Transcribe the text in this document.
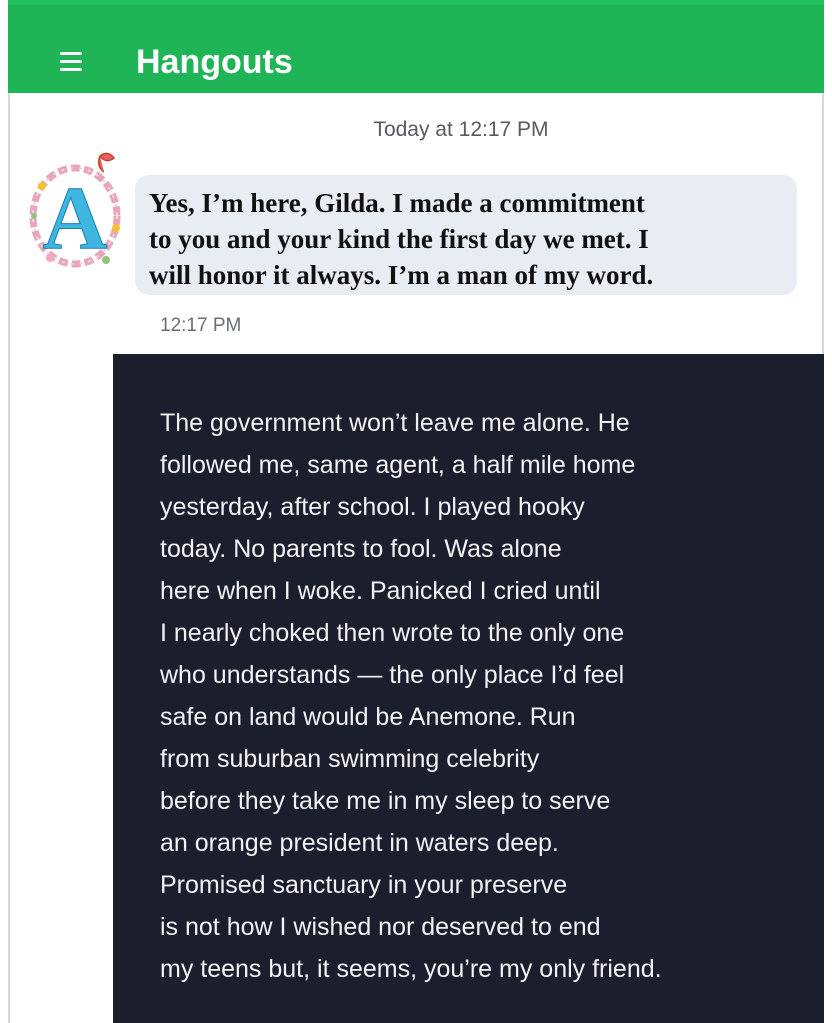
Hangouts
Today at 12:17 PM
A Yes, I’m here, Gilda. I made a commitment
to you and your kind the first day we met. I
will honor it always. I’m a man of my word.
12:17 PM
The government won’t leave me alone. He
followed me, same agent, a half mile home
yesterday, after school. I played hooky
today. No parents to fool. Was alone
here when I woke. Panicked I cried until
I nearly choked then wrote to the only one
who understands — the only place I’d feel
safe on land would be Anemone. Run
from suburban swimming celebrity
before they take me in my sleep to serve
an orange president in waters deep.
Promised sanctuary in your preserve
is not how I wished nor deserved to end
my teens but, it seems, you’re my only friend.
